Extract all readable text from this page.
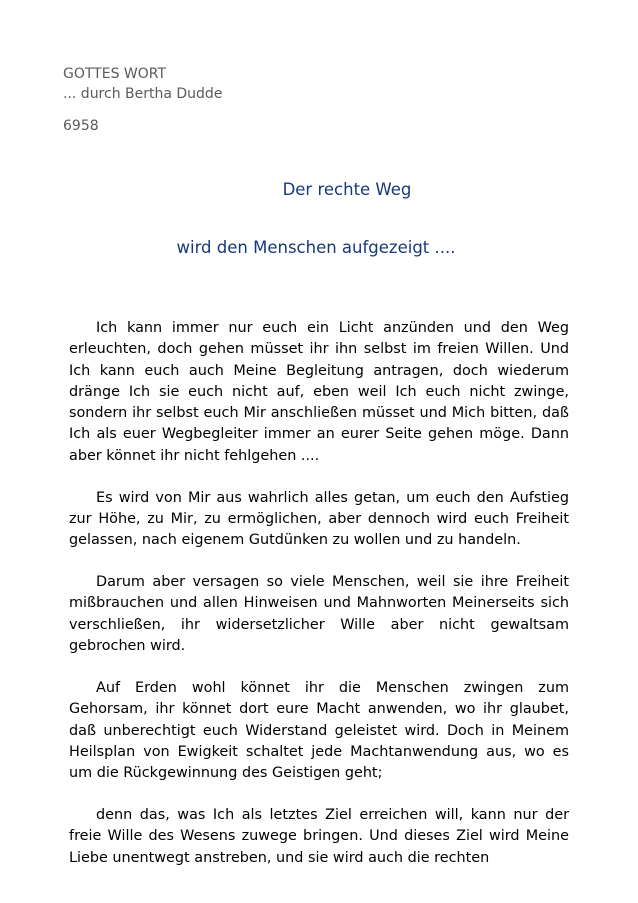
GOTTES WORT
... durch Bertha Dudde
6958
Der rechte Weg
wird den Menschen aufgezeigt ....

Ich kann immer nur euch ein Licht anzünden und den Weg erleuchten, doch gehen müsset ihr ihn selbst im freien Willen. Und Ich kann euch auch Meine Begleitung antragen, doch wiederum dränge Ich sie euch nicht auf, eben weil Ich euch nicht zwinge, sondern ihr selbst euch Mir anschließen müsset und Mich bitten, daß Ich als euer Wegbegleiter immer an eurer Seite gehen möge. Dann aber könnet ihr nicht fehlgehen ....

Es wird von Mir aus wahrlich alles getan, um euch den Aufstieg zur Höhe, zu Mir, zu ermöglichen, aber dennoch wird euch Freiheit gelassen, nach eigenem Gutdünken zu wollen und zu handeln.

Darum aber versagen so viele Menschen, weil sie ihre Freiheit mißbrauchen und allen Hinweisen und Mahnworten Meinerseits sich verschließen, ihr widersetzlicher Wille aber nicht gewaltsam gebrochen wird.

Auf Erden wohl könnet ihr die Menschen zwingen zum Gehorsam, ihr könnet dort eure Macht anwenden, wo ihr glaubet, daß unberechtigt euch Widerstand geleistet wird. Doch in Meinem Heilsplan von Ewigkeit schaltet jede Machtanwendung aus, wo es um die Rückgewinnung des Geistigen geht;

denn das, was Ich als letztes Ziel erreichen will, kann nur der freie Wille des Wesens zuwege bringen. Und dieses Ziel wird Meine Liebe unentwegt anstreben, und sie wird auch die rechten
